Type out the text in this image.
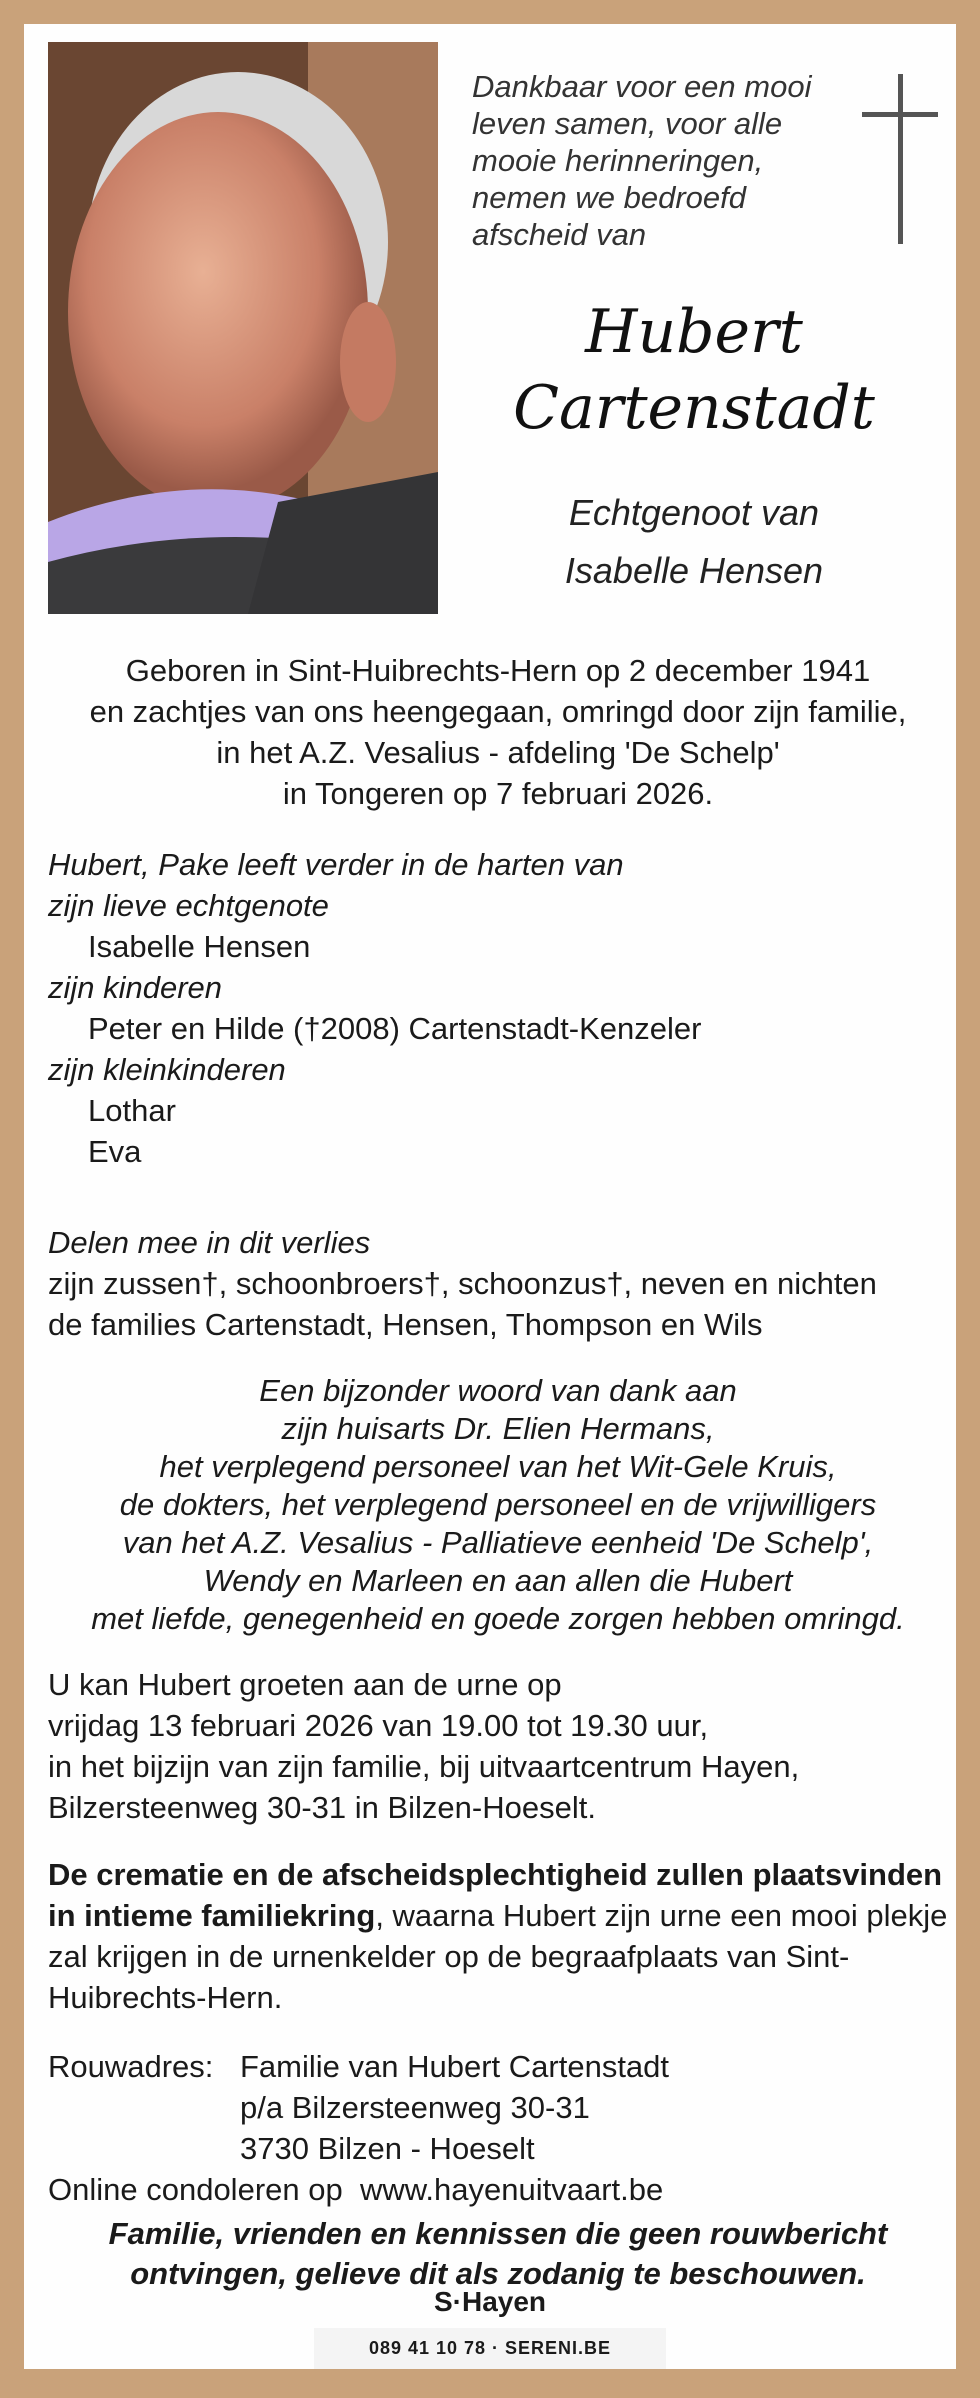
Dankbaar voor een mooi
leven samen, voor alle
mooie herinneringen,
nemen we bedroefd
afscheid van
Hubert
Cartenstadt
Echtgenoot van
Isabelle Hensen
Geboren in Sint-Huibrechts-Hern op 2 december 1941
en zachtjes van ons heengegaan, omringd door zijn familie,
in het A.Z. Vesalius - afdeling 'De Schelp'
in Tongeren op 7 februari 2026.
Hubert, Pake leeft verder in de harten van
zijn lieve echtgenote
Isabelle Hensen
zijn kinderen
Peter en Hilde (†2008) Cartenstadt-Kenzeler
zijn kleinkinderen
Lothar
Eva
Delen mee in dit verlies
zijn zussen†, schoonbroers†, schoonzus†, neven en nichten
de families Cartenstadt, Hensen, Thompson en Wils
Een bijzonder woord van dank aan
zijn huisarts Dr. Elien Hermans,
het verplegend personeel van het Wit-Gele Kruis,
de dokters, het verplegend personeel en de vrijwilligers
van het A.Z. Vesalius - Palliatieve eenheid 'De Schelp',
Wendy en Marleen en aan allen die Hubert
met liefde, genegenheid en goede zorgen hebben omringd.
U kan Hubert groeten aan de urne op
vrijdag 13 februari 2026 van 19.00 tot 19.30 uur,
in het bijzijn van zijn familie, bij uitvaartcentrum Hayen,
Bilzersteenweg 30-31 in Bilzen-Hoeselt.
De crematie en de afscheidsplechtigheid zullen plaatsvinden in intieme familiekring, waarna Hubert zijn urne een mooi plekje zal krijgen in de urnenkelder op de begraafplaats van Sint-Huibrechts-Hern.
Rouwadres: Familie van Hubert Cartenstadt
p/a Bilzersteenweg 30-31
3730 Bilzen - Hoeselt
Online condoleren op www.hayenuitvaart.be
Familie, vrienden en kennissen die geen rouwbericht
ontvingen, gelieve dit als zodanig te beschouwen.
S·Hayen
089 41 10 78 · SERENI.BE
